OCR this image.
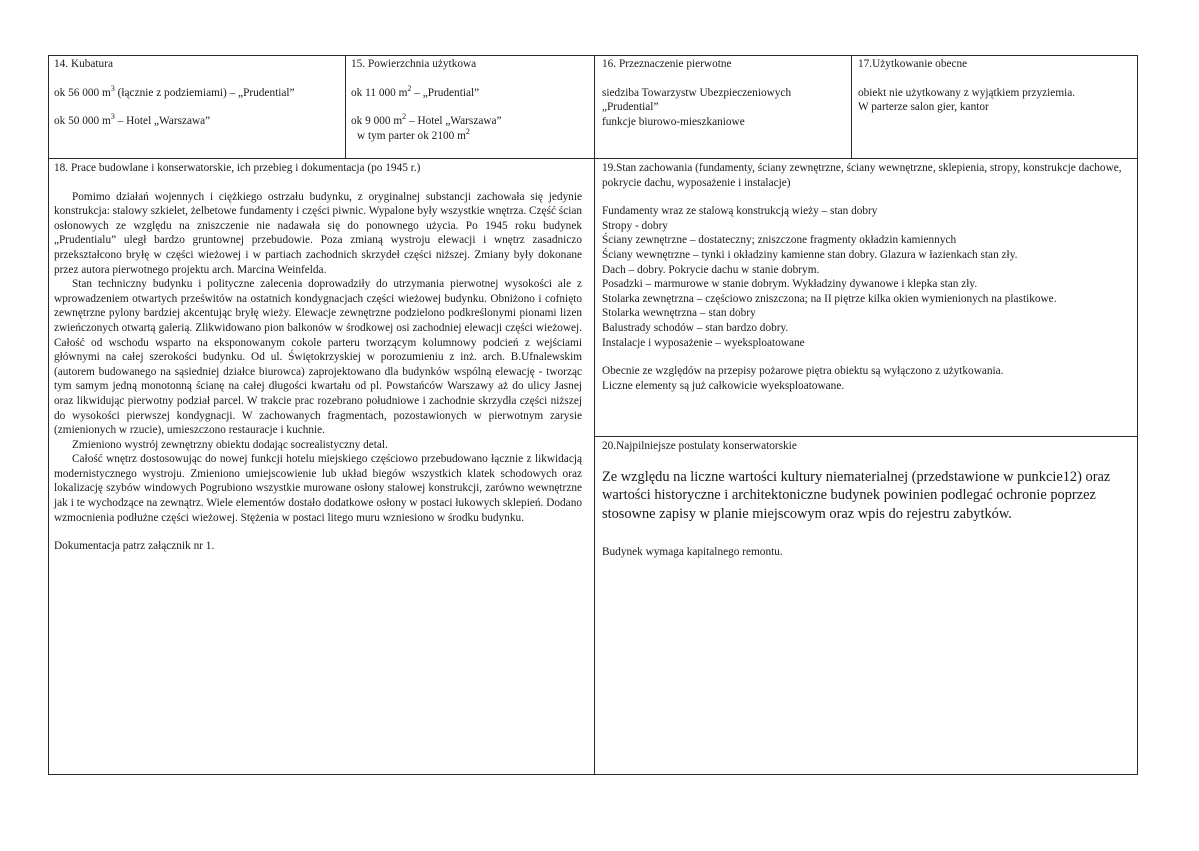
14. Kubatura
ok 56 000 $m^3$ (łącznie z podziemiami) – „Prudential”
ok 50 000 $m^3$ – Hotel „Warszawa”
15. Powierzchnia użytkowa
ok 11 000 $m^2$ – „Prudential”
ok 9 000 $m^2$ – Hotel „Warszawa”
w tym parter ok 2100 $m^2$
16. Przeznaczenie pierwotne
siedziba Towarzystw Ubezpieczeniowych
„Prudential”
funkcje biurowo-mieszkaniowe
17.Użytkowanie obecne
obiekt nie użytkowany z wyjątkiem przyziemia.
W parterze salon gier, kantor
18. Prace budowlane i konserwatorskie, ich przebieg i dokumentacja (po 1945 r.)

Pomimo działań wojennych i ciężkiego ostrzału budynku, z oryginalnej substancji zachowała się jedynie konstrukcja: stalowy szkielet, żelbetowe fundamenty i części piwnic. Wypalone były wszystkie wnętrza. Część ścian osłonowych ze względu na zniszczenie nie nadawała się do ponownego użycia. Po 1945 roku budynek „Prudentialu” uległ bardzo gruntownej przebudowie. Poza zmianą wystroju elewacji i wnętrz zasadniczo przekształcono bryłę w części wieżowej i w partiach zachodnich skrzydeł części niższej. Zmiany były dokonane przez autora pierwotnego projektu arch. Marcina Weinfelda.

Stan techniczny budynku i polityczne zalecenia doprowadziły do utrzymania pierwotnej wysokości ale z wprowadzeniem otwartych prześwitów na ostatnich kondygnacjach części wieżowej budynku. Obniżono i cofnięto zewnętrzne pylony bardziej akcentując bryłę wieży. Elewacje zewnętrzne podzielono podkreślonymi pionami lizen zwieńczonych otwartą galerią. Zlikwidowano pion balkonów w środkowej osi zachodniej elewacji części wieżowej. Całość od wschodu wsparto na eksponowanym cokole parteru tworzącym kolumnowy podcień z wejściami głównymi na całej szerokości budynku. Od ul. Świętokrzyskiej w porozumieniu z inż. arch. B.Ufnalewskim (autorem budowanego na sąsiedniej działce biurowca) zaprojektowano dla budynków wspólną elewację - tworząc tym samym jedną monotonną ścianę na całej długości kwartału od pl. Powstańców Warszawy aż do ulicy Jasnej oraz likwidując pierwotny podział parcel. W trakcie prac rozebrano południowe i zachodnie skrzydła części niższej do wysokości pierwszej kondygnacji. W zachowanych fragmentach, pozostawionych w pierwotnym zarysie (zmienionych w rzucie), umieszczono restauracje i kuchnie.

Zmieniono wystrój zewnętrzny obiektu dodając socrealistyczny detal.

Całość wnętrz dostosowując do nowej funkcji hotelu miejskiego częściowo przebudowano łącznie z likwidacją modernistycznego wystroju. Zmieniono umiejscowienie lub układ biegów wszystkich klatek schodowych oraz lokalizację szybów windowych Pogrubiono wszystkie murowane osłony stalowej konstrukcji, zarówno wewnętrzne jak i te wychodzące na zewnątrz. Wiele elementów dostało dodatkowe osłony w postaci łukowych sklepień. Dodano wzmocnienia podłużne części wieżowej. Stężenia w postaci litego muru wzniesiono w środku budynku.

Dokumentacja patrz załącznik nr 1.

19.Stan zachowania (fundamenty, ściany zewnętrzne, ściany wewnętrzne, sklepienia, stropy, konstrukcje dachowe, pokrycie dachu, wyposażenie i instalacje)

Fundamenty wraz ze stalową konstrukcją wieży – stan dobry

Stropy - dobry

Ściany zewnętrzne – dostateczny; zniszczone fragmenty okładzin kamiennych

Ściany wewnętrzne – tynki i okładziny kamienne stan dobry. Glazura w łazienkach stan zły.

Dach – dobry. Pokrycie dachu w stanie dobrym.

Posadzki – marmurowe w stanie dobrym. Wykładziny dywanowe i klepka stan zły.

Stolarka zewnętrzna – częściowo zniszczona; na II piętrze kilka okien wymienionych na plastikowe.

Stolarka wewnętrzna – stan dobry

Balustrady schodów – stan bardzo dobry.

Instalacje i wyposażenie – wyeksploatowane

Obecnie ze względów na przepisy pożarowe piętra obiektu są wyłączono z użytkowania.

Liczne elementy są już całkowicie wyeksploatowane.

20.Najpilniejsze postulaty konserwatorskie

Ze względu na liczne wartości kultury niematerialnej (przedstawione w punkcie12) oraz wartości historyczne i architektoniczne budynek powinien podlegać ochronie poprzez stosowne zapisy w planie miejscowym oraz wpis do rejestru zabytków.

Budynek wymaga kapitalnego remontu.
